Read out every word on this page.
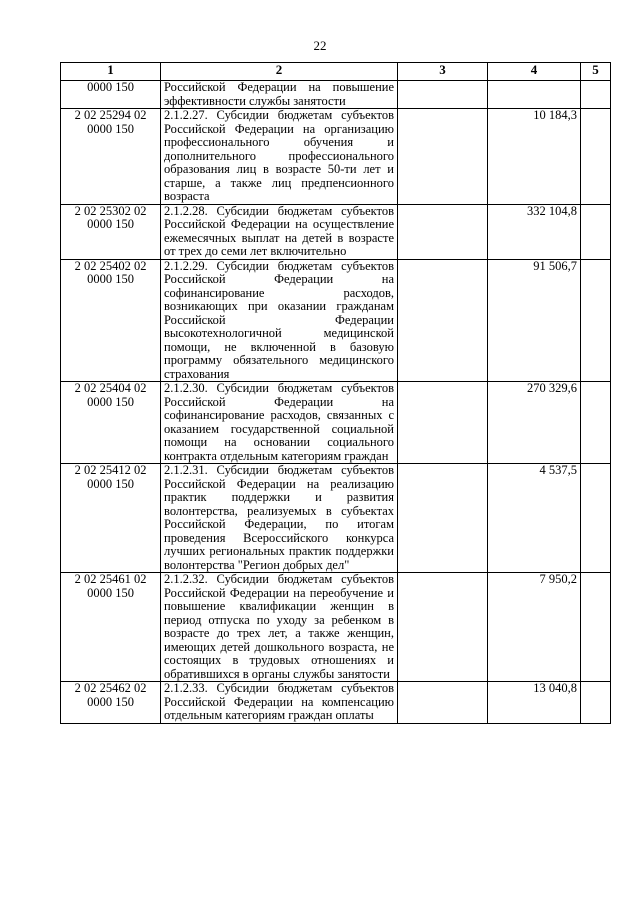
22
1	2	3	4	5
0000 150	Российской Федерации на повышение эффективности службы занятости			
2 02 25294 02 0000 150	2.1.2.27. Субсидии бюджетам субъектов Российской Федерации на организацию профессионального обучения и дополнительного профессионального образования лиц в возрасте 50-ти лет и старше, а также лиц предпенсионного возраста		10 184,3	
2 02 25302 02 0000 150	2.1.2.28. Субсидии бюджетам субъектов Российской Федерации на осуществление ежемесячных выплат на детей в возрасте от трех до семи лет включительно		332 104,8	
2 02 25402 02 0000 150	2.1.2.29. Субсидии бюджетам субъектов Российской Федерации на софинансирование расходов, возникающих при оказании гражданам Российской Федерации высокотехнологичной медицинской помощи, не включенной в базовую программу обязательного медицинского страхования		91 506,7	
2 02 25404 02 0000 150	2.1.2.30. Субсидии бюджетам субъектов Российской Федерации на софинансирование расходов, связанных с оказанием государственной социальной помощи на основании социального контракта отдельным категориям граждан		270 329,6	
2 02 25412 02 0000 150	2.1.2.31. Субсидии бюджетам субъектов Российской Федерации на реализацию практик поддержки и развития волонтерства, реализуемых в субъектах Российской Федерации, по итогам проведения Всероссийского конкурса лучших региональных практик поддержки волонтерства "Регион добрых дел"		4 537,5	
2 02 25461 02 0000 150	2.1.2.32. Субсидии бюджетам субъектов Российской Федерации на переобучение и повышение квалификации женщин в период отпуска по уходу за ребенком в возрасте до трех лет, а также женщин, имеющих детей дошкольного возраста, не состоящих в трудовых отношениях и обратившихся в органы службы занятости		7 950,2	
2 02 25462 02 0000 150	2.1.2.33. Субсидии бюджетам субъектов Российской Федерации на компенсацию отдельным категориям граждан оплаты		13 040,8	
